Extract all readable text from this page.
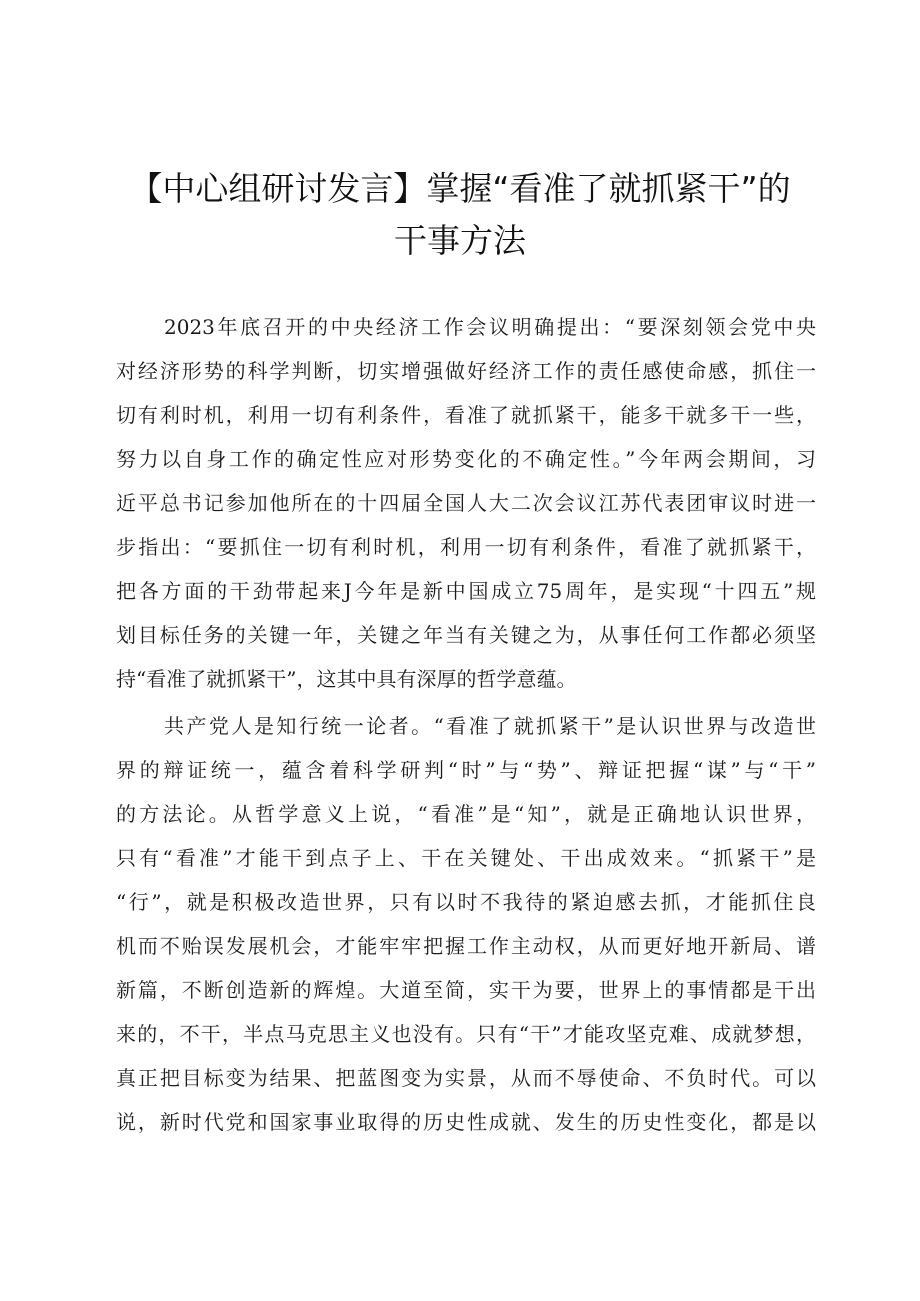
【中心组研讨发言】掌握“看准了就抓紧干”的
干事方法
2023年底召开的中央经济工作会议明确提出：“要深刻领会党中央
对经济形势的科学判断，切实增强做好经济工作的责任感使命感，抓住一
切有利时机，利用一切有利条件，看准了就抓紧干，能多干就多干一些，
努力以自身工作的确定性应对形势变化的不确定性。”今年两会期间，习
近平总书记参加他所在的十四届全国人大二次会议江苏代表团审议时进一
步指出：“要抓住一切有利时机，利用一切有利条件，看准了就抓紧干，
把各方面的干劲带起来J今年是新中国成立75周年，是实现“十四五”规
划目标任务的关键一年，关键之年当有关键之为，从事任何工作都必须坚
持“看准了就抓紧干”，这其中具有深厚的哲学意蕴。
共产党人是知行统一论者。“看准了就抓紧干”是认识世界与改造世
界的辩证统一，蕴含着科学研判“时”与“势”、辩证把握“谋”与“干”
的方法论。从哲学意义上说，“看准”是“知”，就是正确地认识世界，
只有“看准”才能干到点子上、干在关键处、干出成效来。“抓紧干”是
“行”，就是积极改造世界，只有以时不我待的紧迫感去抓，才能抓住良
机而不贻误发展机会，才能牢牢把握工作主动权，从而更好地开新局、谱
新篇，不断创造新的辉煌。大道至简，实干为要，世界上的事情都是干出
来的，不干，半点马克思主义也没有。只有“干”才能攻坚克难、成就梦想，
真正把目标变为结果、把蓝图变为实景，从而不辱使命、不负时代。可以
说，新时代党和国家事业取得的历史性成就、发生的历史性变化，都是以
